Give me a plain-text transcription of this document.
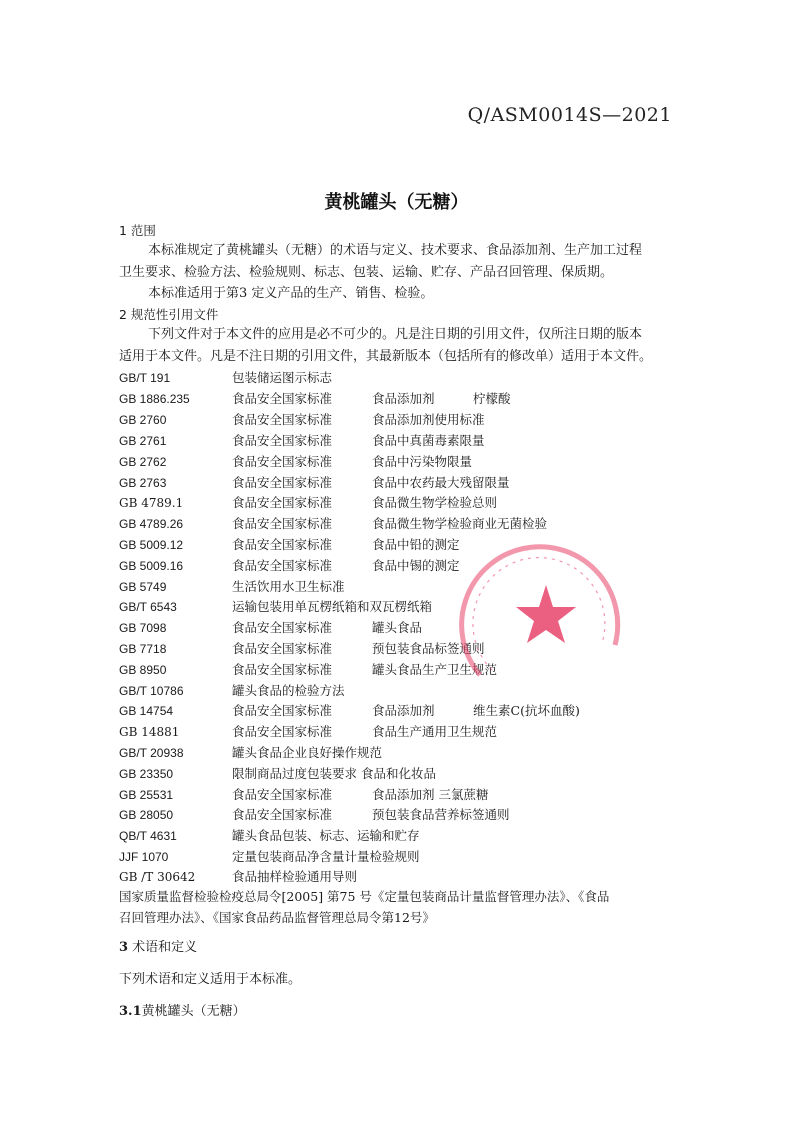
Q/ASM0014S—2021
黄桃罐头（无糖）
1 范围
本标准规定了黄桃罐头（无糖）的术语与定义、技术要求、食品添加剂、生产加工过程
卫生要求、检验方法、检验规则、标志、包装、运输、贮存、产品召回管理、保质期。
本标准适用于第3 定义产品的生产、销售、检验。
2 规范性引用文件
下列文件对于本文件的应用是必不可少的。凡是注日期的引用文件，仅所注日期的版本
适用于本文件。凡是不注日期的引用文件，其最新版本（包括所有的修改单）适用于本文件。
GB/T 191	包装储运图示标志
GB 1886.235	食品安全国家标准	食品添加剂	柠檬酸
GB 2760	食品安全国家标准	食品添加剂使用标准
GB 2761	食品安全国家标准	食品中真菌毒素限量
GB 2762	食品安全国家标准	食品中污染物限量
GB 2763	食品安全国家标准	食品中农药最大残留限量
GB 4789.1	食品安全国家标准	食品微生物学检验总则
GB 4789.26	食品安全国家标准	食品微生物学检验商业无菌检验
GB 5009.12	食品安全国家标准	食品中铅的测定
GB 5009.16	食品安全国家标准	食品中锡的测定
GB 5749	生活饮用水卫生标准
GB/T 6543	运输包装用单瓦楞纸箱和双瓦楞纸箱
GB 7098	食品安全国家标准	罐头食品
GB 7718	食品安全国家标准	预包装食品标签通则
GB 8950	食品安全国家标准	罐头食品生产卫生规范
GB/T 10786	罐头食品的检验方法
GB 14754	食品安全国家标准	食品添加剂	维生素C(抗坏血酸)
GB 14881	食品安全国家标准	食品生产通用卫生规范
GB/T 20938	罐头食品企业良好操作规范
GB 23350	限制商品过度包装要求 食品和化妆品
GB 25531	食品安全国家标准	食品添加剂 三氯蔗糖
GB 28050	食品安全国家标准	预包装食品营养标签通则
QB/T 4631	罐头食品包装、标志、运输和贮存
JJF 1070	定量包装商品净含量计量检验规则
GB /T 30642	食品抽样检验通用导则
国家质量监督检验检疫总局令[2005] 第75 号《定量包装商品计量监督管理办法》、《食品
召回管理办法》、《国家食品药品监督管理总局令第12号》
3 术语和定义
下列术语和定义适用于本标准。
3.1黄桃罐头（无糖）
